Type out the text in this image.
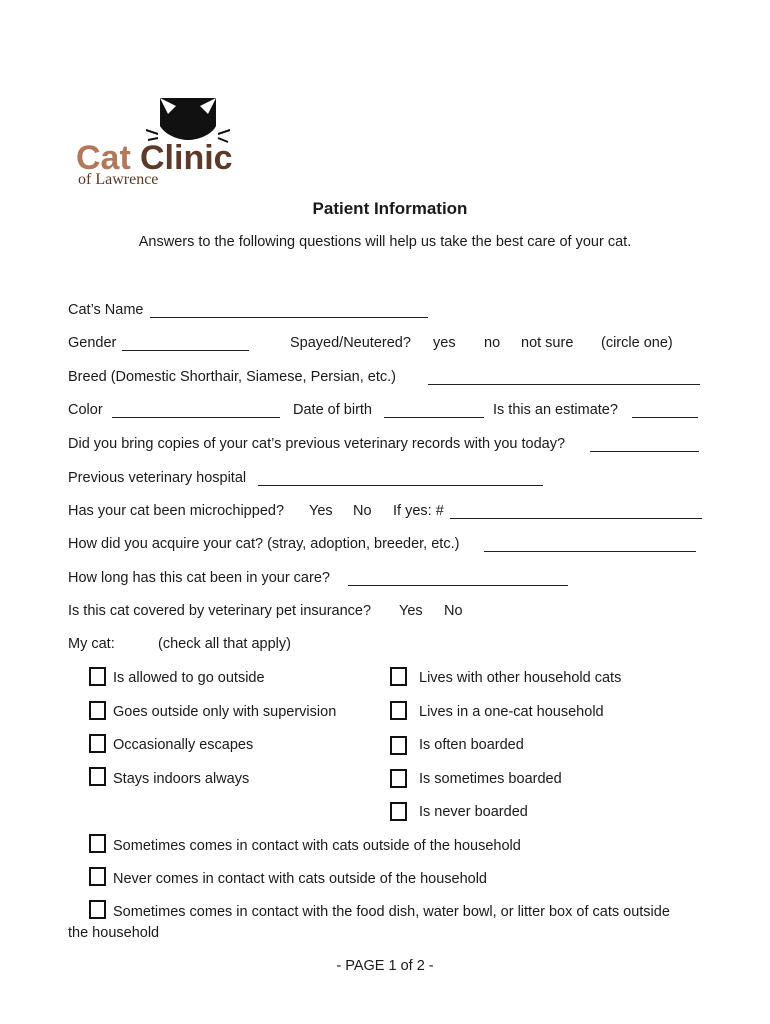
Cat Clinic
of Lawrence
Patient Information
Answers to the following questions will help us take the best care of your cat.
Cat’s Name
Gender	Spayed/Neutered? yes no not sure (circle one)
Breed (Domestic Shorthair, Siamese, Persian, etc.)
Color	Date of birth	Is this an estimate?
Did you bring copies of your cat’s previous veterinary records with you today?
Previous veterinary hospital
Has your cat been microchipped? Yes No If yes: #
How did you acquire your cat? (stray, adoption, breeder, etc.)
How long has this cat been in your care?
Is this cat covered by veterinary pet insurance? Yes No
My cat:	(check all that apply)
Is allowed to go outside
Goes outside only with supervision
Occasionally escapes
Stays indoors always
Lives with other household cats
Lives in a one-cat household
Is often boarded
Is sometimes boarded
Is never boarded
Sometimes comes in contact with cats outside of the household
Never comes in contact with cats outside of the household
Sometimes comes in contact with the food dish, water bowl, or litter box of cats outside
the household
- PAGE 1 of 2 -
